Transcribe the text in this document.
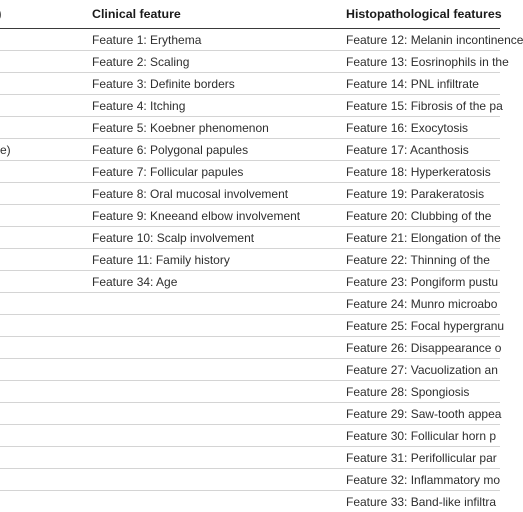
	Clinical feature	Histopathological features
	Feature 1: Erythema	Feature 12: Melanin incontinence
	Feature 2: Scaling	Feature 13: Eosrinophils in the
	Feature 3: Definite borders	Feature 14: PNL infiltrate
	Feature 4: Itching	Feature 15: Fibrosis of the pa
	Feature 5: Koebner phenomenon	Feature 16: Exocytosis
e)	Feature 6: Polygonal papules	Feature 17: Acanthosis
	Feature 7: Follicular papules	Feature 18: Hyperkeratosis
	Feature 8: Oral mucosal involvement	Feature 19: Parakeratosis
	Feature 9: Kneeand elbow involvement	Feature 20: Clubbing of the
	Feature 10: Scalp involvement	Feature 21: Elongation of the
	Feature 11: Family history	Feature 22: Thinning of the
	Feature 34: Age	Feature 23: Pongiform pustu
		Feature 24: Munro microabo
		Feature 25: Focal hypergranu
		Feature 26: Disappearance o
		Feature 27: Vacuolization an
		Feature 28: Spongiosis
		Feature 29: Saw-tooth appea
		Feature 30: Follicular horn p
		Feature 31: Perifollicular par
		Feature 32: Inflammatory mo
		Feature 33: Band-like infiltra
